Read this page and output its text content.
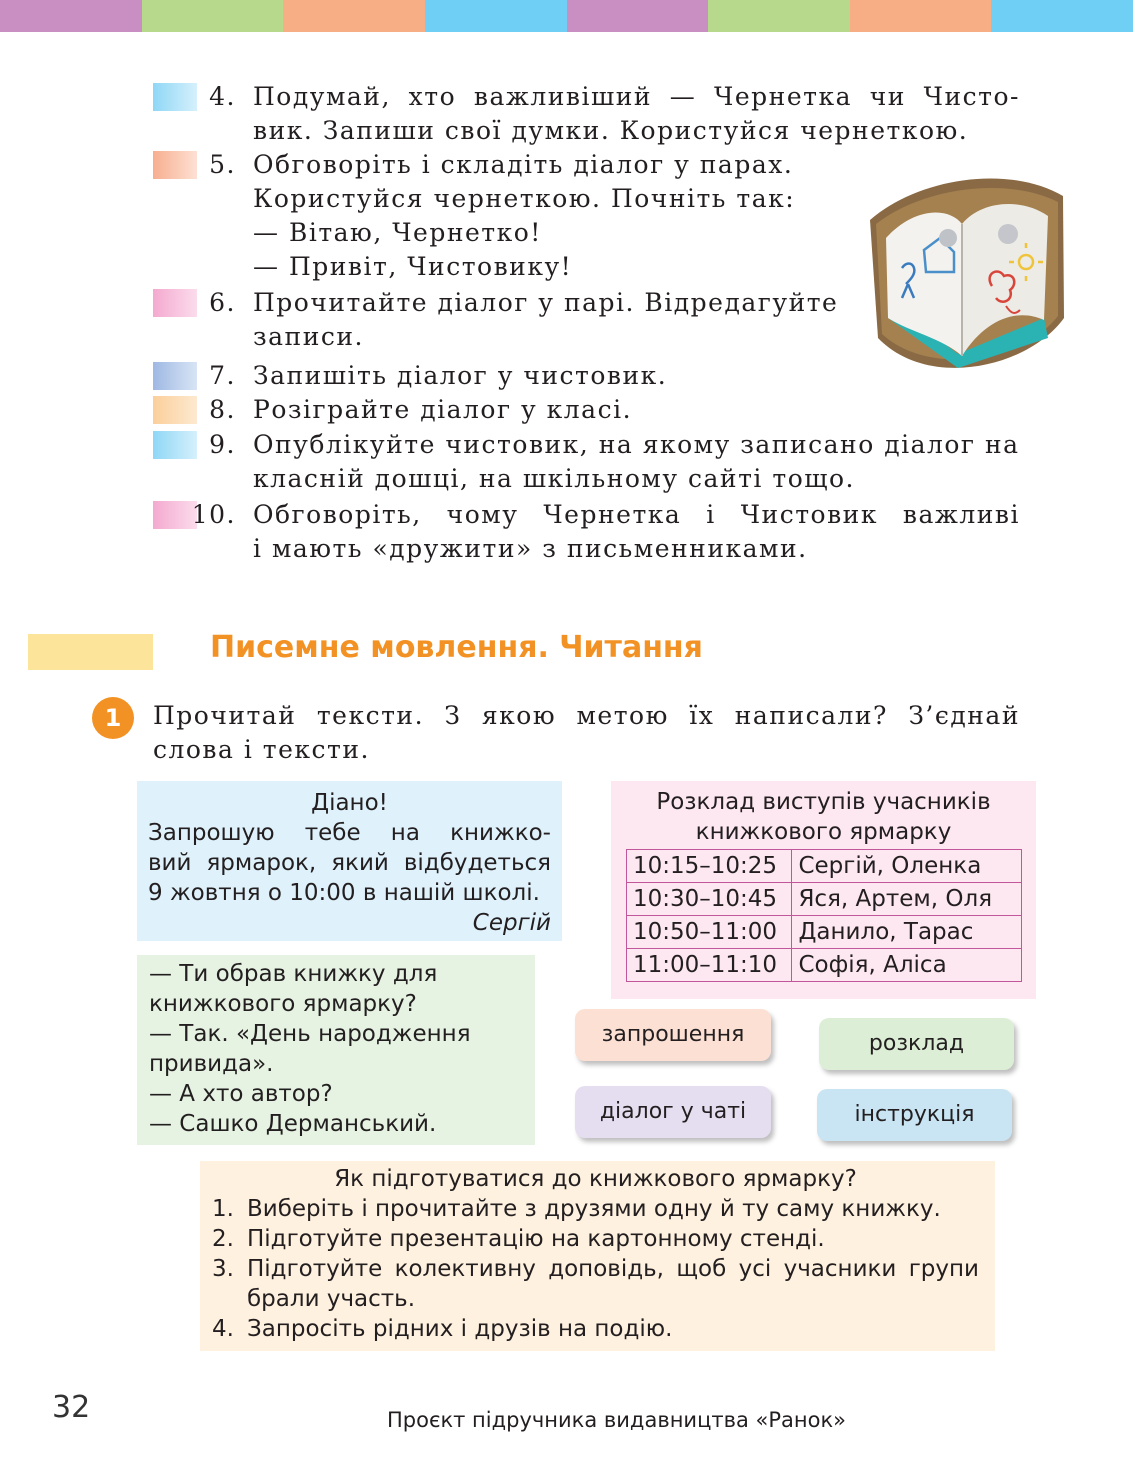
4. Подумай, хто важливіший — Чернетка чи Чисто-
вик. Запиши свої думки. Користуйся чернеткою.
5. Обговоріть і складіть діалог у парах.
Користуйся чернеткою. Почніть так:
— Вітаю, Чернетко!
— Привіт, Чистовику!
6. Прочитайте діалог у парі. Відредагуйте
записи.
7. Запишіть діалог у чистовик.
8. Розіграйте діалог у класі.
9. Опублікуйте чистовик, на якому записано діалог на
класній дошці, на шкільному сайті тощо.
10. Обговоріть, чому Чернетка і Чистовик важливі
і мають «дружити» з письменниками.
Писемне мовлення. Читання
1	Прочитай тексти. З якою метою їх написали? З’єднай
слова і тексти.
Діано!
Запрошую тебе на книжко-
вий ярмарок, який відбудеться
9 жовтня о 10:00 в нашій школі.
Сергій
Розклад виступів учасників
книжкового ярмарку
10:15–10:25	Сергій, Оленка
10:30–10:45	Яся, Артем, Оля
10:50–11:00	Данило, Тарас
11:00–11:10	Софія, Аліса
— Ти обрав книжку для
книжкового ярмарку?
— Так. «День народження
привида».
— А хто автор?
— Сашко Дерманський.
запрошення	розклад
діалог у чаті	інструкція
Як підготуватися до книжкового ярмарку?
1. Виберіть і прочитайте з друзями одну й ту саму книжку.
2. Підготуйте презентацію на картонному стенді.
3. Підготуйте колективну доповідь, щоб усі учасники групи
брали участь.
4. Запросіть рідних і друзів на подію.
32	Проєкт підручника видавництва «Ранок»
